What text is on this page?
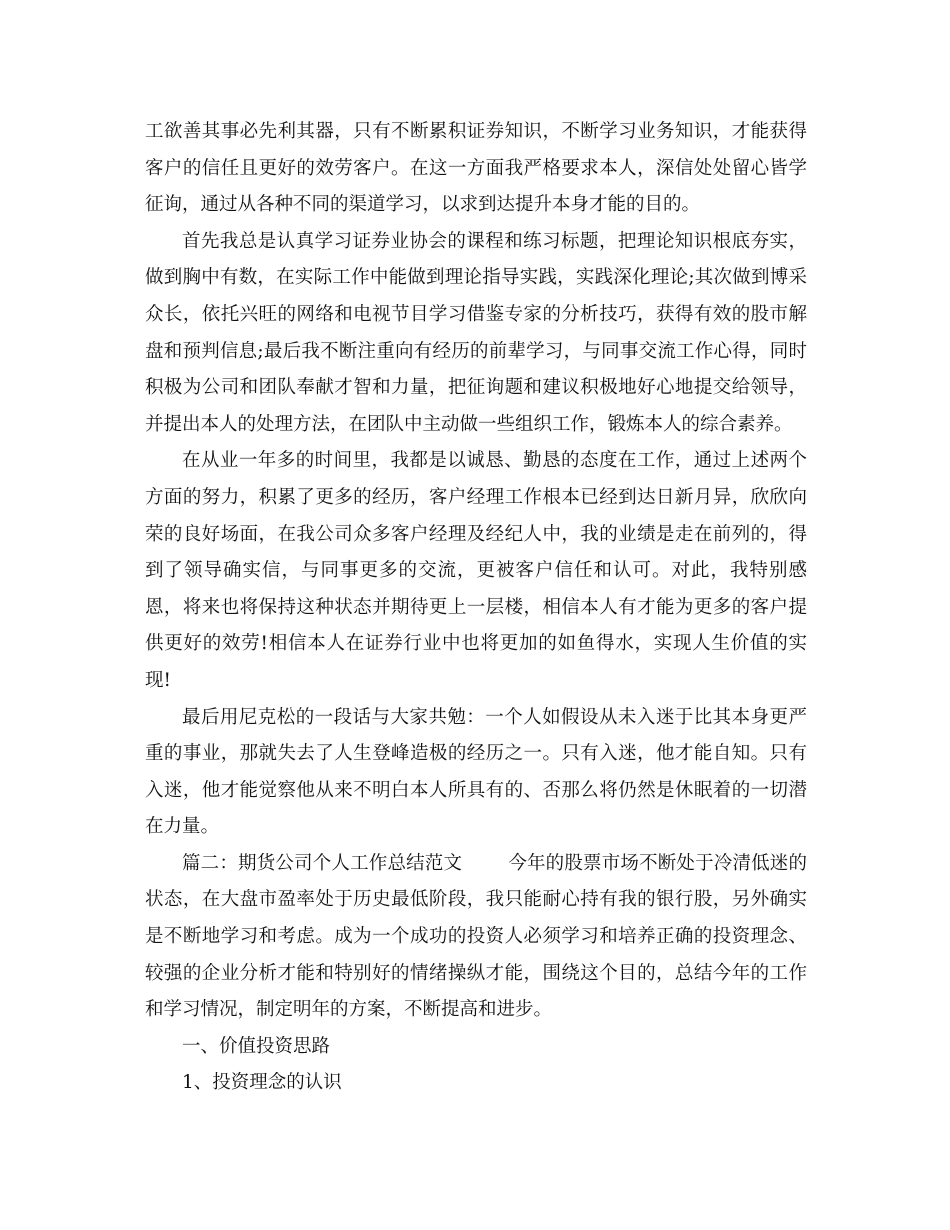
工欲善其事必先利其器，只有不断累积证券知识，不断学习业务知识，才能获得客户的信任且更好的效劳客户。在这一方面我严格要求本人，深信处处留心皆学征询，通过从各种不同的渠道学习，以求到达提升本身才能的目的。

首先我总是认真学习证券业协会的课程和练习标题，把理论知识根底夯实，做到胸中有数，在实际工作中能做到理论指导实践，实践深化理论;其次做到博采众长，依托兴旺的网络和电视节目学习借鉴专家的分析技巧，获得有效的股市解盘和预判信息;最后我不断注重向有经历的前辈学习，与同事交流工作心得，同时积极为公司和团队奉献才智和力量，把征询题和建议积极地好心地提交给领导，并提出本人的处理方法，在团队中主动做一些组织工作，锻炼本人的综合素养。

在从业一年多的时间里，我都是以诚恳、勤恳的态度在工作，通过上述两个方面的努力，积累了更多的经历，客户经理工作根本已经到达日新月异，欣欣向荣的良好场面，在我公司众多客户经理及经纪人中，我的业绩是走在前列的，得到了领导确实信，与同事更多的交流，更被客户信任和认可。对此，我特别感恩，将来也将保持这种状态并期待更上一层楼，相信本人有才能为更多的客户提供更好的效劳!相信本人在证券行业中也将更加的如鱼得水，实现人生价值的实现!

最后用尼克松的一段话与大家共勉：一个人如假设从未入迷于比其本身更严重的事业，那就失去了人生登峰造极的经历之一。只有入迷，他才能自知。只有入迷，他才能觉察他从来不明白本人所具有的、否那么将仍然是休眠着的一切潜在力量。

篇二：期货公司个人工作总结范文 今年的股票市场不断处于冷清低迷的状态，在大盘市盈率处于历史最低阶段，我只能耐心持有我的银行股，另外确实是不断地学习和考虑。成为一个成功的投资人必须学习和培养正确的投资理念、较强的企业分析才能和特别好的情绪操纵才能，围绕这个目的，总结今年的工作和学习情况，制定明年的方案，不断提高和进步。

一、价值投资思路

1、投资理念的认识
